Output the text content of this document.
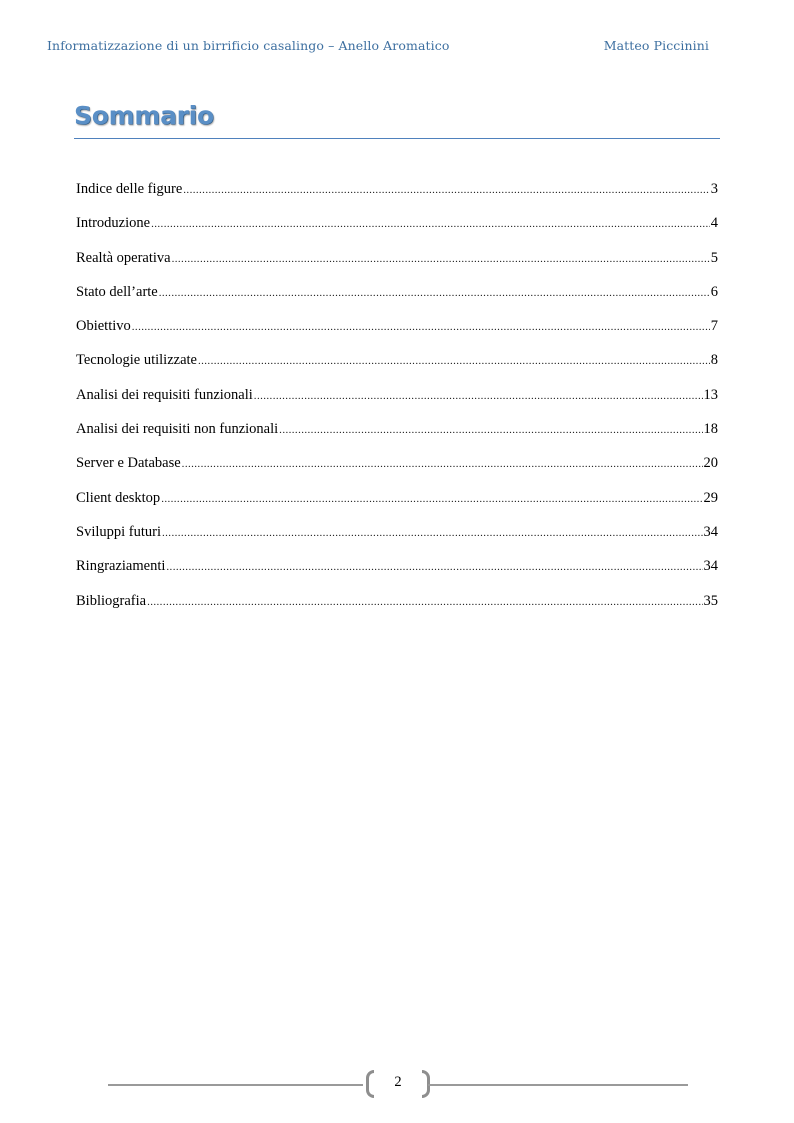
Informatizzazione di un birrificio casalingo – Anello Aromatico	Matteo Piccinini
Sommario
Indice delle figure .....	3
Introduzione .....	4
Realtà operativa .....	5
Stato dell’arte .....	6
Obiettivo .....	7
Tecnologie utilizzate .....	8
Analisi dei requisiti funzionali .....	13
Analisi dei requisiti non funzionali .....	18
Server e Database .....	20
Client desktop .....	29
Sviluppi futuri .....	34
Ringraziamenti .....	34
Bibliografia .....	35
2
